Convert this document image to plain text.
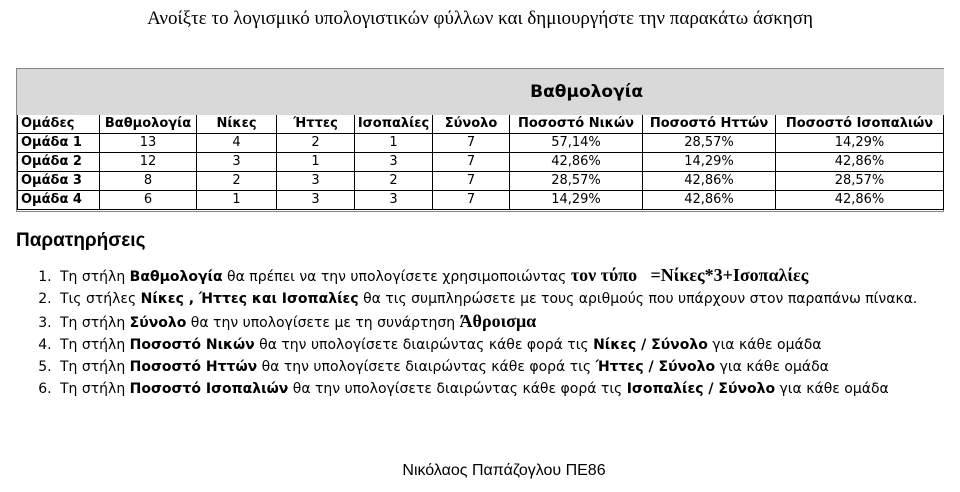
Ανοίξτε το λογισμικό υπολογιστικών φύλλων και δημιουργήστε την παρακάτω άσκηση
Βαθμολογία								
Ομάδες	Βαθμολογία	Νίκες	Ήττες	Ισοπαλίες	Σύνολο	Ποσοστό Νικών	Ποσοστό Ηττών	Ποσοστό Ισοπαλιών
Ομάδα 1	13	4	2	1	7	57,14%	28,57%	14,29%
Ομάδα 2	12	3	1	3	7	42,86%	14,29%	42,86%
Ομάδα 3	8	2	3	2	7	28,57%	42,86%	28,57%
Ομάδα 4	6	1	3	3	7	14,29%	42,86%	42,86%
Παρατηρήσεις
1. Τη στήλη Βαθμολογία θα πρέπει να την υπολογίσετε χρησιμοποιώντας τον τύπο =Νίκες*3+Ισοπαλίες
2. Τις στήλες Νίκες , Ήττες και Ισοπαλίες θα τις συμπληρώσετε με τους αριθμούς που υπάρχουν στον παραπάνω πίνακα.
3. Τη στήλη Σύνολο θα την υπολογίσετε με τη συνάρτηση Άθροισμα
4. Τη στήλη Ποσοστό Νικών θα την υπολογίσετε διαιρώντας κάθε φορά τις Νίκες / Σύνολο για κάθε ομάδα
5. Τη στήλη Ποσοστό Ηττών θα την υπολογίσετε διαιρώντας κάθε φορά τις Ήττες / Σύνολο για κάθε ομάδα
6. Τη στήλη Ποσοστό Ισοπαλιών θα την υπολογίσετε διαιρώντας κάθε φορά τις Ισοπαλίες / Σύνολο για κάθε ομάδα
Νικόλαος Παπάζογλου ΠΕ86
